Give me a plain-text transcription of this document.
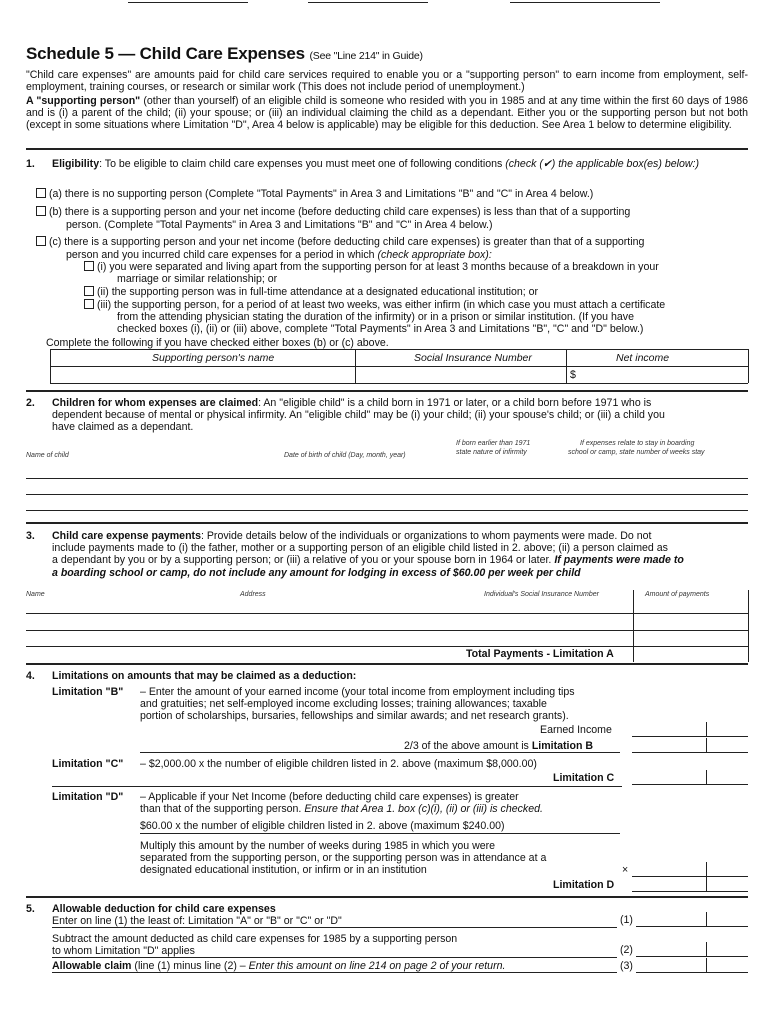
Schedule 5 — Child Care Expenses (See "Line 214" in Guide)
"Child care expenses" are amounts paid for child care services required to enable you or a "supporting person" to earn income from employment, self-employment, training courses, or research or similar work (This does not include period of unemployment.)
A "supporting person" (other than yourself) of an eligible child is someone who resided with you in 1985 and at any time within the first 60 days of 1986 and is (i) a parent of the child; (ii) your spouse; or (iii) an individual claiming the child as a dependant. Either you or the supporting person but not both (except in some situations where Limitation "D", Area 4 below is applicable) may be eligible for this deduction. See Area 1 below to determine eligibility.
1. Eligibility: To be eligible to claim child care expenses you must meet one of following conditions (check (✔) the applicable box(es) below:)
(a) there is no supporting person (Complete "Total Payments" in Area 3 and Limitations "B" and "C" in Area 4 below.)
(b) there is a supporting person and your net income (before deducting child care expenses) is less than that of a supporting
person. (Complete "Total Payments" in Area 3 and Limitations "B" and "C" in Area 4 below.)
(c) there is a supporting person and your net income (before deducting child care expenses) is greater than that of a supporting
person and you incurred child care expenses for a period in which (check appropriate box):
(i) you were separated and living apart from the supporting person for at least 3 months because of a breakdown in your
marriage or similar relationship; or
(ii) the supporting person was in full-time attendance at a designated educational institution; or
(iii) the supporting person, for a period of at least two weeks, was either infirm (in which case you must attach a certificate
from the attending physician stating the duration of the infirmity) or in a prison or similar institution. (If you have
checked boxes (i), (ii) or (iii) above, complete "Total Payments" in Area 3 and Limitations "B", "C" and "D" below.)
Complete the following if you have checked either boxes (b) or (c) above.
Supporting person's name	Social Insurance Number	Net income
$
2. Children for whom expenses are claimed: An "eligible child" is a child born in 1971 or later, or a child born before 1971 who is
dependent because of mental or physical infirmity. An "eligible child" may be (i) your child; (ii) your spouse's child; or (iii) a child you
have claimed as a dependant.
Name of child	Date of birth of child (Day, month, year)
If born earlier than 1971
state nature of infirmity
If expenses relate to stay in boarding
school or camp, state number of weeks stay
3. Child care expense payments: Provide details below of the individuals or organizations to whom payments were made. Do not
include payments made to (i) the father, mother or a supporting person of an eligible child listed in 2. above; (ii) a person claimed as
a dependant by you or by a supporting person; or (iii) a relative of you or your spouse born in 1964 or later. If payments were made to
a boarding school or camp, do not include any amount for lodging in excess of $60.00 per week per child
Name	Address	Individual's Social Insurance Number	Amount of payments
Total Payments - Limitation A
4. Limitations on amounts that may be claimed as a deduction:
Limitation "B" – Enter the amount of your earned income (your total income from employment including tips
and gratuities; net self-employed income excluding losses; training allowances; taxable
portion of scholarships, bursaries, fellowships and similar awards; and net research grants).
Earned Income
2/3 of the above amount is Limitation B
Limitation "C" – $2,000.00 x the number of eligible children listed in 2. above (maximum $8,000.00)
Limitation C
Limitation "D" – Applicable if your Net Income (before deducting child care expenses) is greater
than that of the supporting person. Ensure that Area 1. box (c)(i), (ii) or (iii) is checked.
$60.00 x the number of eligible children listed in 2. above (maximum $240.00)
Multiply this amount by the number of weeks during 1985 in which you were
separated from the supporting person, or the supporting person was in attendance at a
designated educational institution, or infirm or in an institution	×
Limitation D
5. Allowable deduction for child care expenses
Enter on line (1) the least of: Limitation "A" or "B" or "C" or "D"	(1)
Subtract the amount deducted as child care expenses for 1985 by a supporting person
to whom Limitation "D" applies	(2)
Allowable claim (line (1) minus line (2) – Enter this amount on line 214 on page 2 of your return.	(3)
